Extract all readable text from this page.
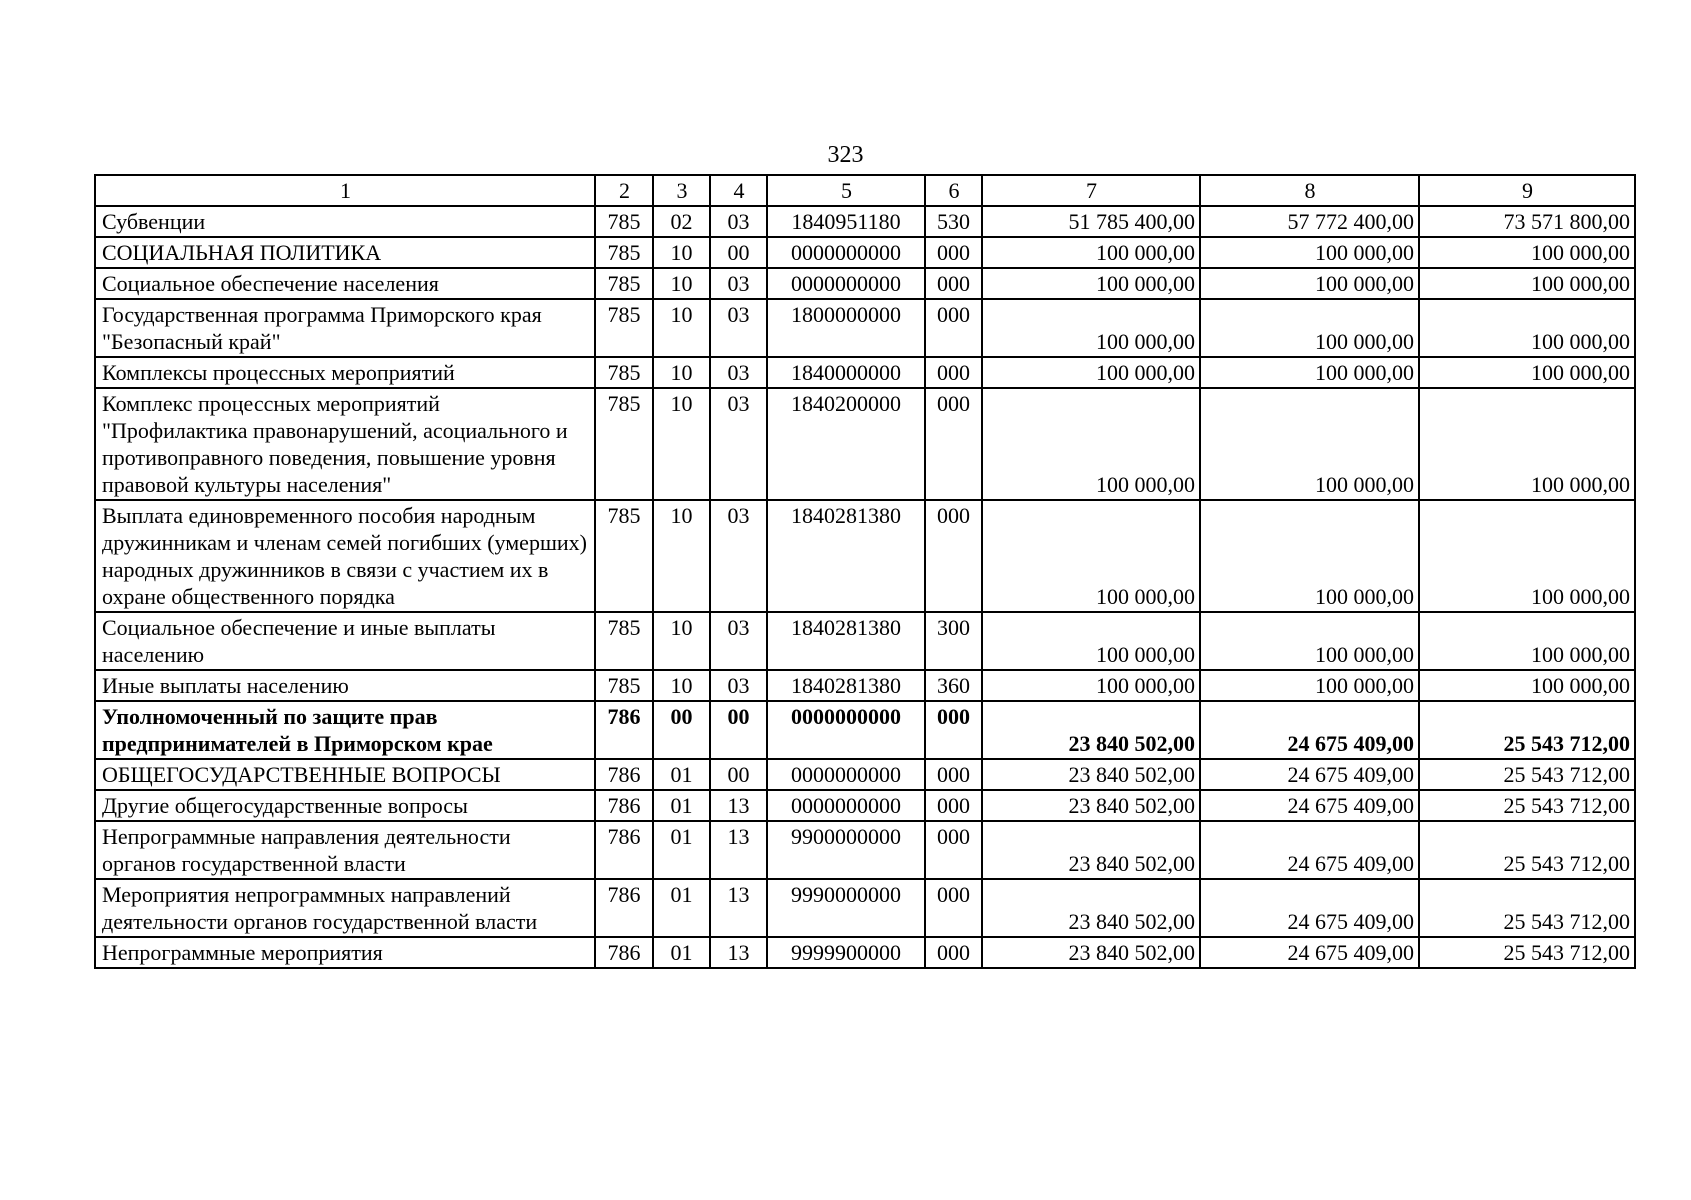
323
1	2	3	4	5	6	7	8	9
Субвенции	785	02	03	1840951180	530	51 785 400,00	57 772 400,00	73 571 800,00
СОЦИАЛЬНАЯ ПОЛИТИКА	785	10	00	0000000000	000	100 000,00	100 000,00	100 000,00
Социальное обеспечение населения	785	10	03	0000000000	000	100 000,00	100 000,00	100 000,00
Государственная программа Приморского края "Безопасный край"	785	10	03	1800000000	000	100 000,00	100 000,00	100 000,00
Комплексы процессных мероприятий	785	10	03	1840000000	000	100 000,00	100 000,00	100 000,00
Комплекс процессных мероприятий "Профилактика правонарушений, асоциального и противоправного поведения, повышение уровня правовой культуры населения"	785	10	03	1840200000	000	100 000,00	100 000,00	100 000,00
Выплата единовременного пособия народным дружинникам и членам семей погибших (умерших) народных дружинников в связи с участием их в охране общественного порядка	785	10	03	1840281380	000	100 000,00	100 000,00	100 000,00
Социальное обеспечение и иные выплаты населению	785	10	03	1840281380	300	100 000,00	100 000,00	100 000,00
Иные выплаты населению	785	10	03	1840281380	360	100 000,00	100 000,00	100 000,00
Уполномоченный по защите прав предпринимателей в Приморском крае	786	00	00	0000000000	000	23 840 502,00	24 675 409,00	25 543 712,00
ОБЩЕГОСУДАРСТВЕННЫЕ ВОПРОСЫ	786	01	00	0000000000	000	23 840 502,00	24 675 409,00	25 543 712,00
Другие общегосударственные вопросы	786	01	13	0000000000	000	23 840 502,00	24 675 409,00	25 543 712,00
Непрограммные направления деятельности органов государственной власти	786	01	13	9900000000	000	23 840 502,00	24 675 409,00	25 543 712,00
Мероприятия непрограммных направлений деятельности органов государственной власти	786	01	13	9990000000	000	23 840 502,00	24 675 409,00	25 543 712,00
Непрограммные мероприятия	786	01	13	9999900000	000	23 840 502,00	24 675 409,00	25 543 712,00
